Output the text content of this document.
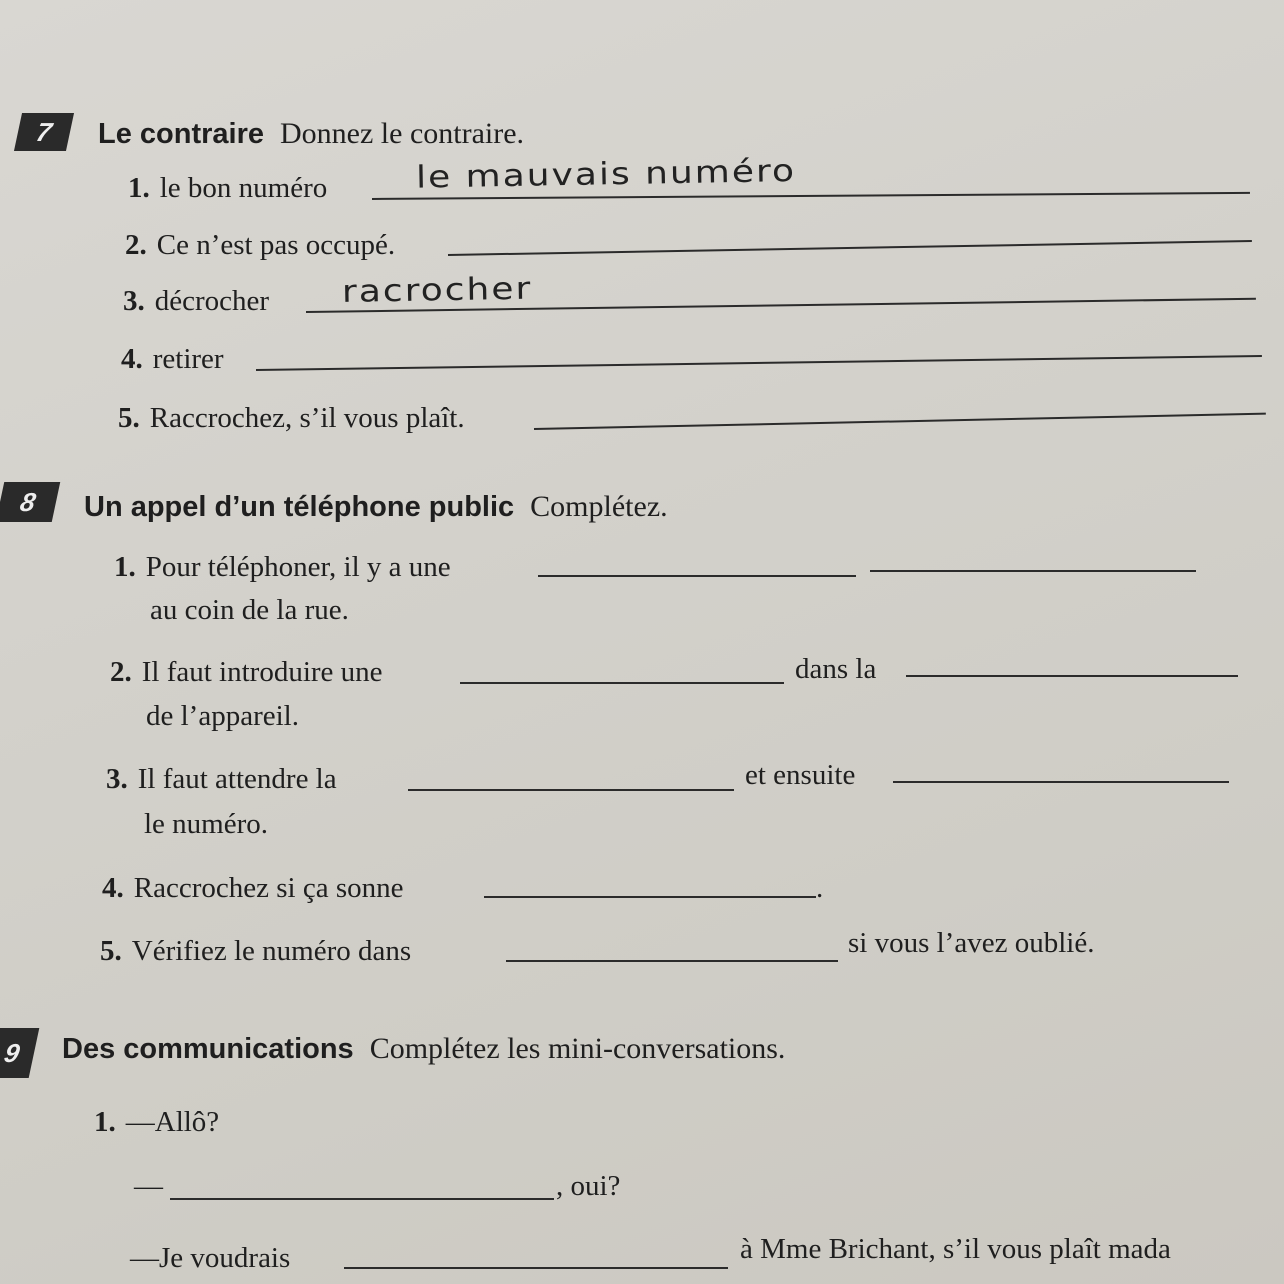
7	Le contraire Donnez le contraire.
1. le bon numéro le mauvais numéro
2. Ce n’est pas occupé.
3. décrocher racrocher
4. retirer
5. Raccrochez, s’il vous plaît.
8	Un appel d’un téléphone public Complétez.
1. Pour téléphoner, il y a une
au coin de la rue.
2. Il faut introduire une	dans la
de l’appareil.
3. Il faut attendre la	et ensuite
le numéro.
4. Raccrochez si ça sonne	.
5. Vérifiez le numéro dans	si vous l’avez oublié.
9	Des communications Complétez les mini-conversations.
1. —Allô?
—	, oui?
—Je voudrais	à Mme Brichant, s’il vous plaît mada
